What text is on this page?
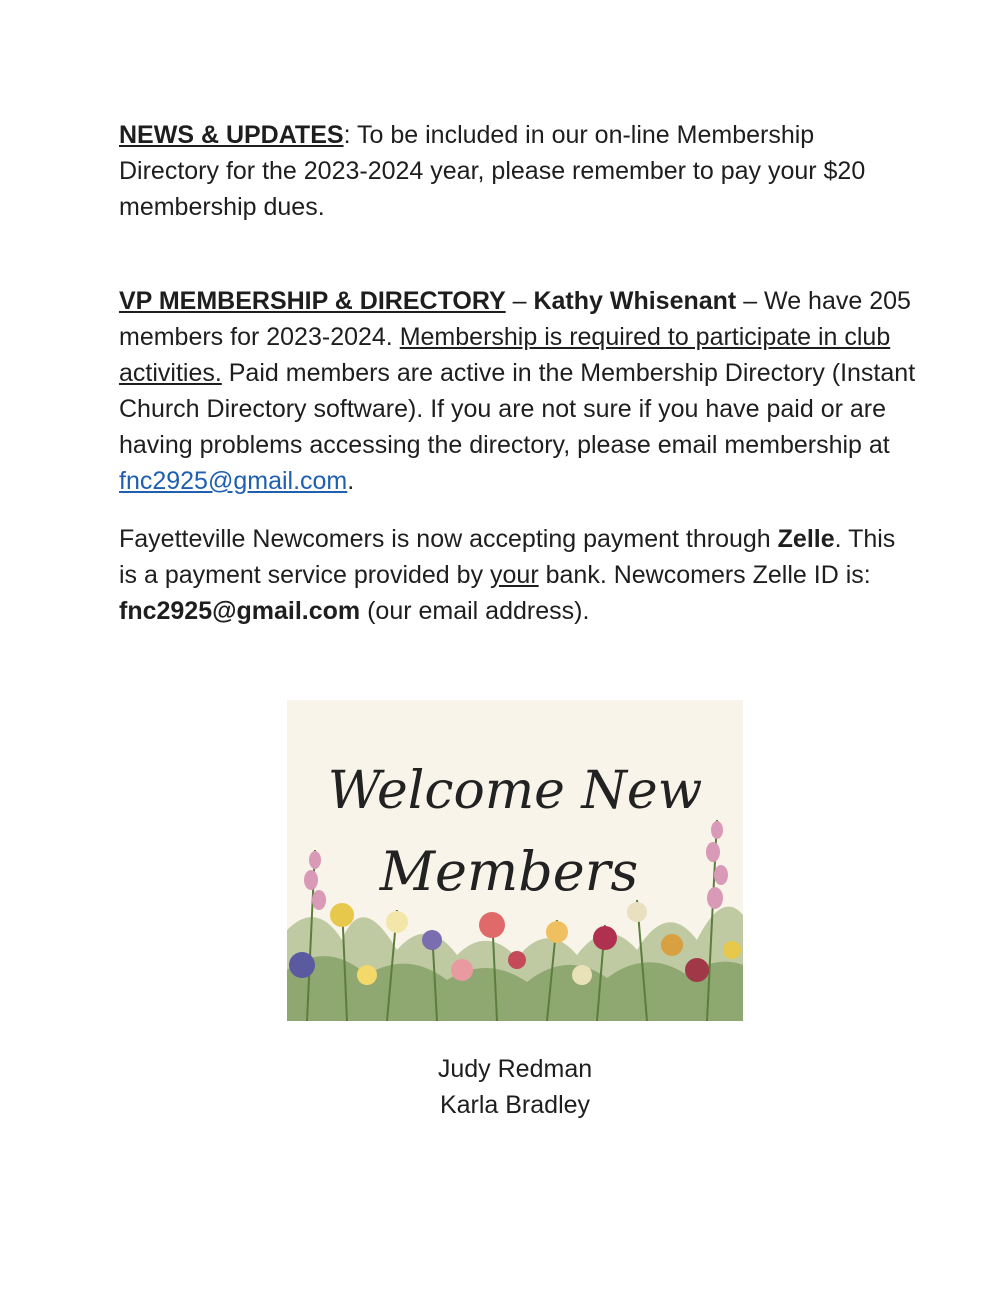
NEWS & UPDATES: To be included in our on-line Membership Directory for the 2023-2024 year, please remember to pay your $20 membership dues.

VP MEMBERSHIP & DIRECTORY – Kathy Whisenant – We have 205 members for 2023-2024. Membership is required to participate in club activities. Paid members are active in the Membership Directory (Instant Church Directory software). If you are not sure if you have paid or are having problems accessing the directory, please email membership at fnc2925@gmail.com.

Fayetteville Newcomers is now accepting payment through Zelle. This is a payment service provided by your bank. Newcomers Zelle ID is: fnc2925@gmail.com (our email address).

Welcome New
Members
Judy Redman
Karla Bradley
